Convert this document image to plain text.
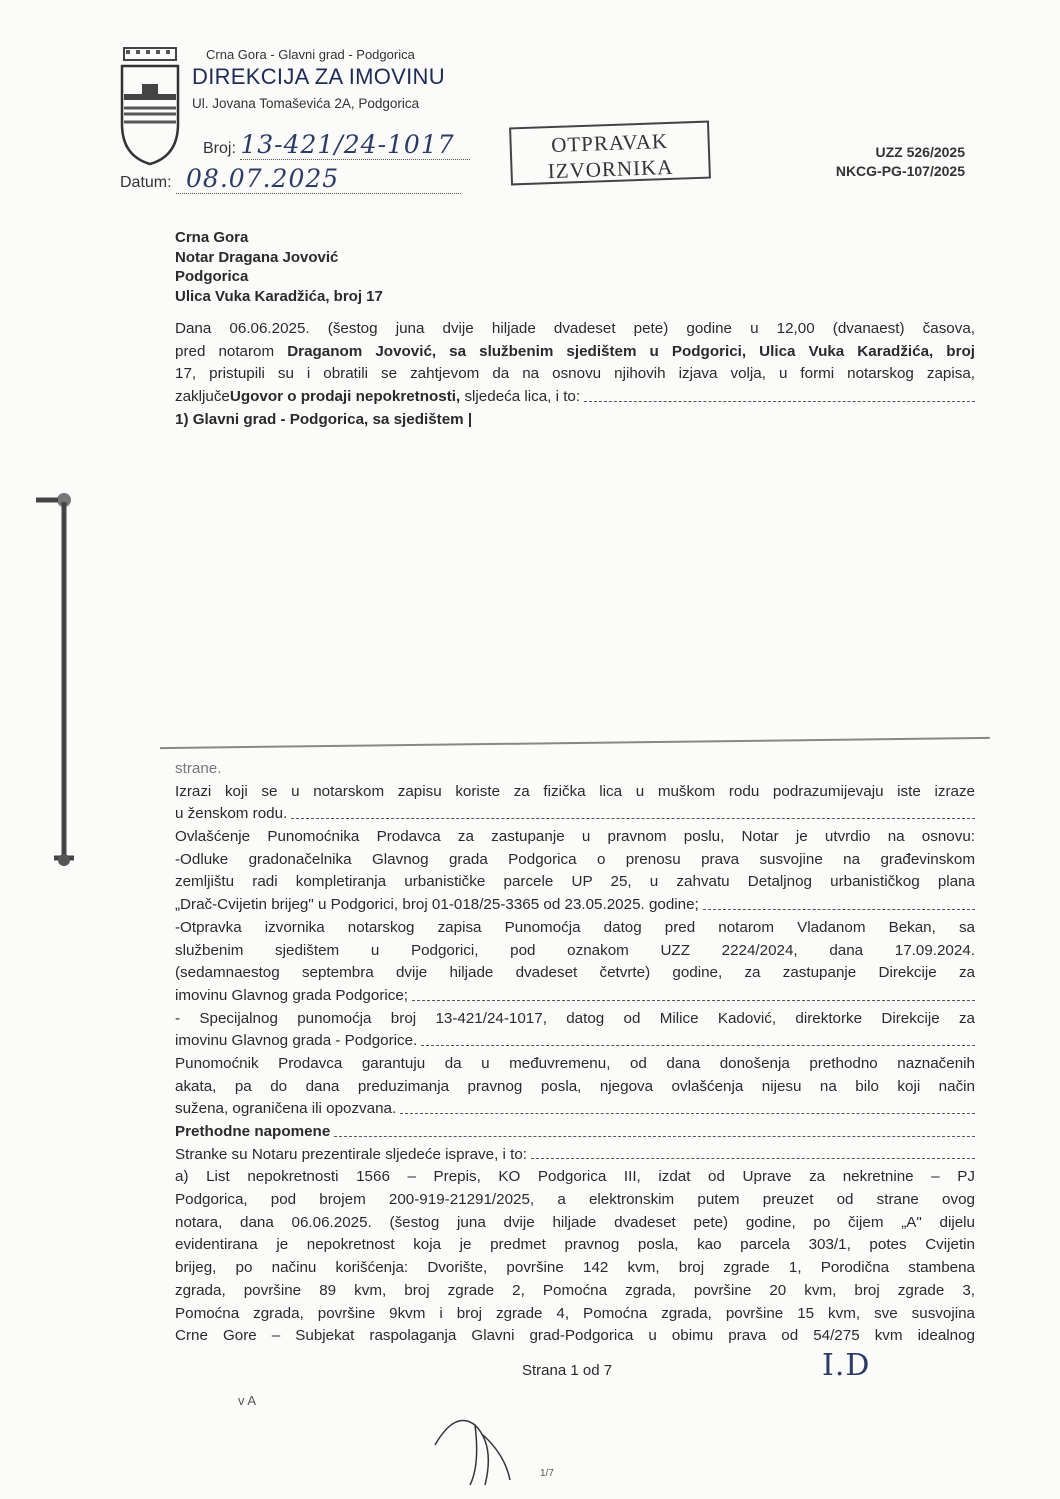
Crna Gora - Glavni grad - Podgorica
DIREKCIJA ZA IMOVINU
Ul. Jovana Tomaševića 2A, Podgorica
Broj: 13-421/24-1017
Datum: 08.07.2025
OTPRAVAK
IZVORNIKA
UZZ 526/2025
NKCG-PG-107/2025
Crna Gora
Notar Dragana Jovović
Podgorica
Ulica Vuka Karadžića, broj 17
Dana 06.06.2025. (šestog juna dvije hiljade dvadeset pete) godine u 12,00 (dvanaest) časova,
pred notarom Draganom Jovović, sa službenim sjedištem u Podgorici, Ulica Vuka Karadžića, broj
17, pristupili su i obratili se zahtjevom da na osnovu njihovih izjava volja, u formi notarskog zapisa,
zaključe Ugovor o prodaji nepokretnosti, sljedeća lica, i to:
1) Glavni grad - Podgorica, sa sjedištem |
strane.
Izrazi koji se u notarskom zapisu koriste za fizička lica u muškom rodu podrazumijevaju iste izraze
u ženskom rodu.
Ovlašćenje Punomoćnika Prodavca za zastupanje u pravnom poslu, Notar je utvrdio na osnovu:
-Odluke gradonačelnika Glavnog grada Podgorica o prenosu prava susvojine na građevinskom
zemljištu radi kompletiranja urbanističke parcele UP 25, u zahvatu Detaljnog urbanističkog plana
„Drač-Cvijetin brijeg" u Podgorici, broj 01-018/25-3365 od 23.05.2025. godine;
-Otpravka izvornika notarskog zapisa Punomoćja datog pred notarom Vladanom Bekan, sa
službenim sjedištem u Podgorici, pod oznakom UZZ 2224/2024, dana 17.09.2024.
(sedamnaestog septembra dvije hiljade dvadeset četvrte) godine, za zastupanje Direkcije za
imovinu Glavnog grada Podgorice;
- Specijalnog punomoćja broj 13-421/24-1017, datog od Milice Kadović, direktorke Direkcije za
imovinu Glavnog grada - Podgorice.
Punomoćnik Prodavca garantuju da u međuvremenu, od dana donošenja prethodno naznačenih
akata, pa do dana preduzimanja pravnog posla, njegova ovlašćenja nijesu na bilo koji način
sužena, ograničena ili opozvana.
Prethodne napomene
Stranke su Notaru prezentirale sljedeće isprave, i to:
a) List nepokretnosti 1566 – Prepis, KO Podgorica III, izdat od Uprave za nekretnine – PJ
Podgorica, pod brojem 200-919-21291/2025, a elektronskim putem preuzet od strane ovog
notara, dana 06.06.2025. (šestog juna dvije hiljade dvadeset pete) godine, po čijem „A" dijelu
evidentirana je nepokretnost koja je predmet pravnog posla, kao parcela 303/1, potes Cvijetin
brijeg, po načinu korišćenja: Dvorište, površine 142 kvm, broj zgrade 1, Porodična stambena
zgrada, površine 89 kvm, broj zgrade 2, Pomoćna zgrada, površine 20 kvm, broj zgrade 3,
Pomoćna zgrada, površine 9kvm i broj zgrade 4, Pomoćna zgrada, površine 15 kvm, sve susvojina
Crne Gore – Subjekat raspolaganja Glavni grad-Podgorica u obimu prava od 54/275 kvm idealnog
Strana 1 od 7	I.D
v A
1/7
